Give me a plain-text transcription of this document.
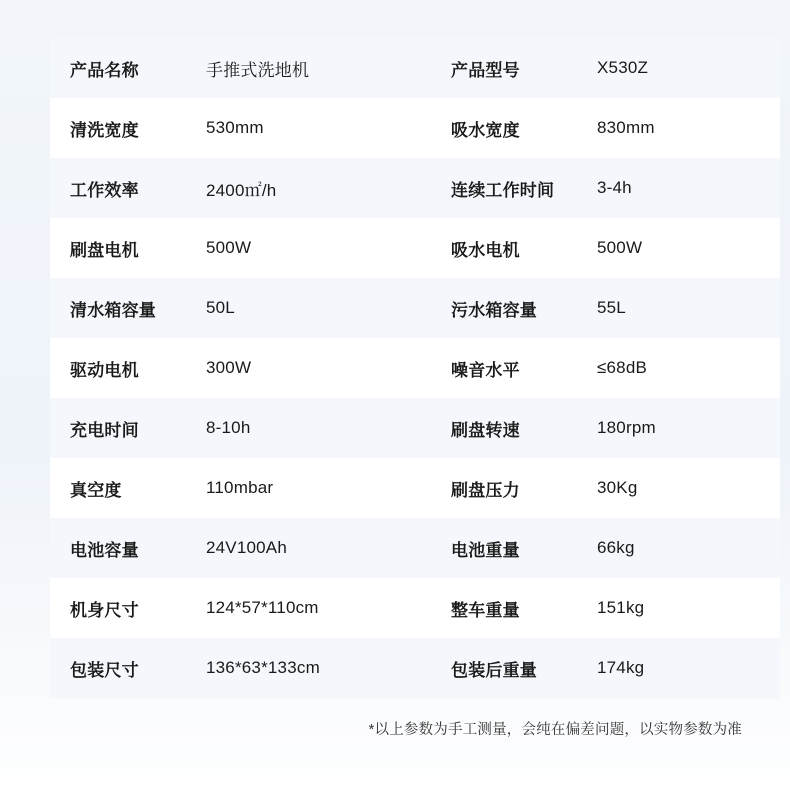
产品名称	手推式洗地机	产品型号	X530Z
清洗宽度	530mm	吸水宽度	830mm
工作效率	2400㎡/h	连续工作时间	3-4h
刷盘电机	500W	吸水电机	500W
清水箱容量	50L	污水箱容量	55L
驱动电机	300W	噪音水平	≤68dB
充电时间	8-10h	刷盘转速	180rpm
真空度	110mbar	刷盘压力	30Kg
电池容量	24V100Ah	电池重量	66kg
机身尺寸	124*57*110cm	整车重量	151kg
包装尺寸	136*63*133cm	包装后重量	174kg
*以上参数为手工测量，会纯在偏差问题，以实物参数为准
